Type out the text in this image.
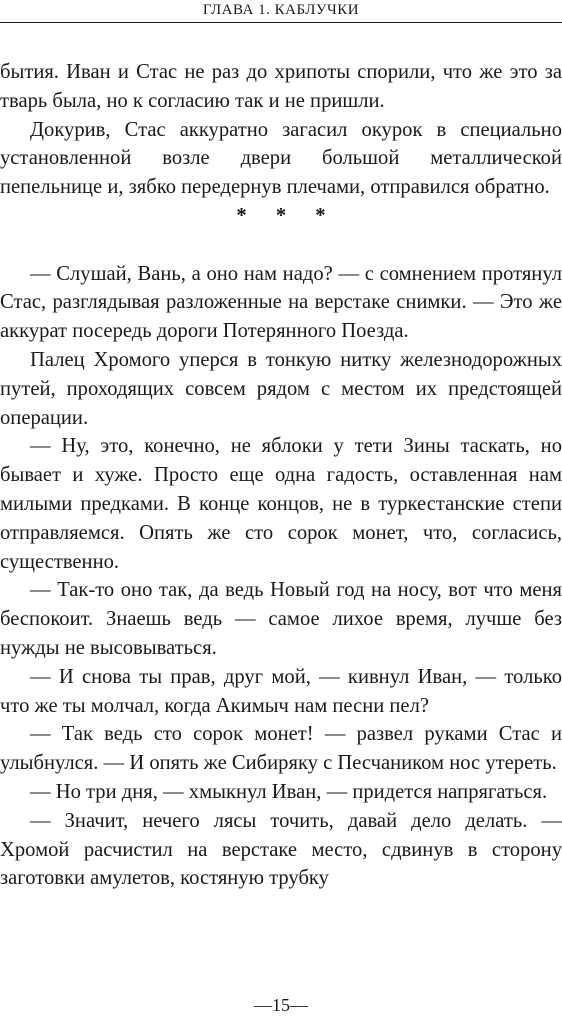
ГЛАВА 1. КАБЛУЧКИ

бытия. Иван и Стас не раз до хрипоты спорили, что же это за тварь была, но к согласию так и не пришли.

Докурив, Стас аккуратно загасил окурок в специально установленной возле двери большой металлической пепельнице и, зябко передернув плечами, отправился обратно.

* * *

— Слушай, Вань, а оно нам надо? — с сомнением протянул Стас, разглядывая разложенные на верстаке снимки. — Это же аккурат посередь дороги Потерянного Поезда.

Палец Хромого уперся в тонкую нитку железнодорожных путей, проходящих совсем рядом с местом их предстоящей операции.

— Ну, это, конечно, не яблоки у тети Зины таскать, но бывает и хуже. Просто еще одна гадость, оставленная нам милыми предками. В конце концов, не в туркестанские степи отправляемся. Опять же сто сорок монет, что, согласись, существенно.

— Так-то оно так, да ведь Новый год на носу, вот что меня беспокоит. Знаешь ведь — самое лихое время, лучше без нужды не высовываться.

— И снова ты прав, друг мой, — кивнул Иван, — только что же ты молчал, когда Акимыч нам песни пел?

— Так ведь сто сорок монет! — развел руками Стас и улыбнулся. — И опять же Сибиряку с Песчаником нос утереть.

— Но три дня, — хмыкнул Иван, — придется напрягаться.

— Значит, нечего лясы точить, давай дело делать. — Хромой расчистил на верстаке место, сдвинув в сторону заготовки амулетов, костяную трубку

—15—
